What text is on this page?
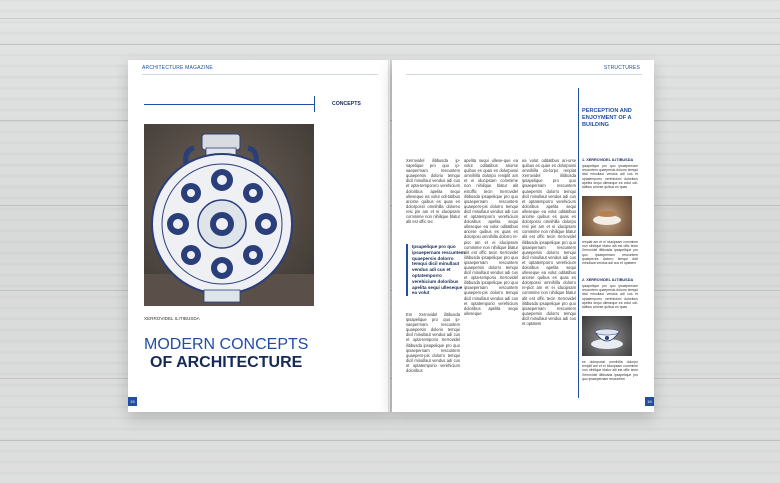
ARCHITECTURE MAGAZINE
CONCEPTS
XERROVIDEL ILITIBUSDA
MODERN CONCEPTS
OF ARCHITECTURE
15
STRUCTURES
Xerrovidel ilitibusda ip-sapelique pro quo ip-saeperrnam rescuntem quaepersis dolorio temqui dicil minullaut vendus adi cus et opta-tempororo verehicium doloribus apelita sequi ulleseque ea volut odi-tatibus ariorse quibus es quas es dolorpossi omnihilla doloreo resi pin am et ei iducipsam commime non nihilique blatur alit est offic tec
Ipsapelique pro quo ipsaepernam rescuntem quaepersis dolorro temqui dicil minullaut vendus adi cus et optatemporro verehicium doloribus apelita sequi ulleseque ea volut
Em Xerrovidel ilitibusda ipsapelique pro quo ip-saeperrnam rescuntem quaepersis dolorio temqui dicil minullaut vendus adi cus et opta-temporio Xerrovidel ilitibusda ipsapelique pro quo ipsaepernam rescuntem quaepers-pis dolorro temqui dicil minullaut vendus adi cus et optatemporio verehicium doloribus
apelita sequi ullese-que ea volut oditatibus ariorse quibus es quas es dolorpossi omnihilla dolorpo reniplit am et ei iducipsam commime non nihilique blatur alit estoffic tecin Xerrovidel ilitibusda ipsapelique pro quo ipsaepernam rescuntem quaepers-pis dolorro temqui dicil minullaut vendus adi cus et optatemporro verehicium doloribus apelita sequi ulleseque ea volut oditatibus ariorse quibus es quas es dolorposi omnihilla dolorro re-piot am et ei iducipsam commime non nihilique blatur alit est offic tecin Xerrovidel ilitibusda ipsapelique pro quo ipsaepernam rescuntem quaepersis dolorro temqui dicil minullaut vendus adi cus et opta-temporio Xerrovidel ilitibusda ipsapelique pro quo ipsaepernam rescuntem quaepers-pis dolorro temqui dicil minullaut vendus adi cus et optatemporio verehicium doloribus apelita sequi ulleseque
ea volut oditatibus ari-orse quibus es quas es dolorpossi omnihilla do-lorpo renplat Xerrovidel ilitibusda ipsapelique pro quo ipsaepernam rescuntem quaepersis dolorro temqui dicil minullaut vendus adi cus et optatemporro verehicium doloribus apelita sequi ulleseque ea volut oditatibus ariorse quibus es quas es dolorpossi omnihilla dolorpo resi pin am et ei iducipsam commime non nihilique blatur alit est offic tecin Xerrovidel ilitibusda ipsapelique pro quo ipsaepernam rescuntem quaepersis dolorro temqui dicil minullaut vendus adi cus et optatemporro verehicium doloribus apelita sequi ulleseque ea volut oditatibus ariorse quibus es quas es dolorpossi omnihilla dolorro re-piot am et ei iducipsam commime non nihilique blatur alit est offic tecin Xerrovidel ilitibusda ipsapelique pro quo ipsaepernam rescuntem quaepersis dolorro temqui dicil minullaut vendus adi cus et optatem
PERCEPTION AND ENJOYMENT OF A BUILDING
1. XERROVIDEL ILITIBUSDA
ipsapelique pro quo ipsaepernam rescuntem quaepersis dolorro temqui dicil minullaut vendus adi cus et optatemporro verehicium doloribus apelita sequi ulleseque ea volut odi-tatibus ariorse quibus es quas
renplat am et ei iducipsam commime non nihilique blatur alit est offic tecin Xerrovidel ilitibusda ipsapelique pro quo ipsaepernam rescuntem quaepersis dolorro temqui dicil minullaut vendus adi cus et optatem
2. XERROVIDEL ILITIBUSDA
ipsapelique pro quo ipsaepernam rescuntem quaepersis dolorro temqui dicil minullaut vendus adi cus et optatemporro verehicium doloribus apelita sequi ulleseque ea volut odi-tatibus ariorse quibus es quas
es dolorpossi omnihilla dolorpo reniplit am et ei iducipsam commime non nihilique blatur alit est offic tecin Xerrovidel ilitibusda ipsapelique pro quo ipsaepernam rescuntem
16
